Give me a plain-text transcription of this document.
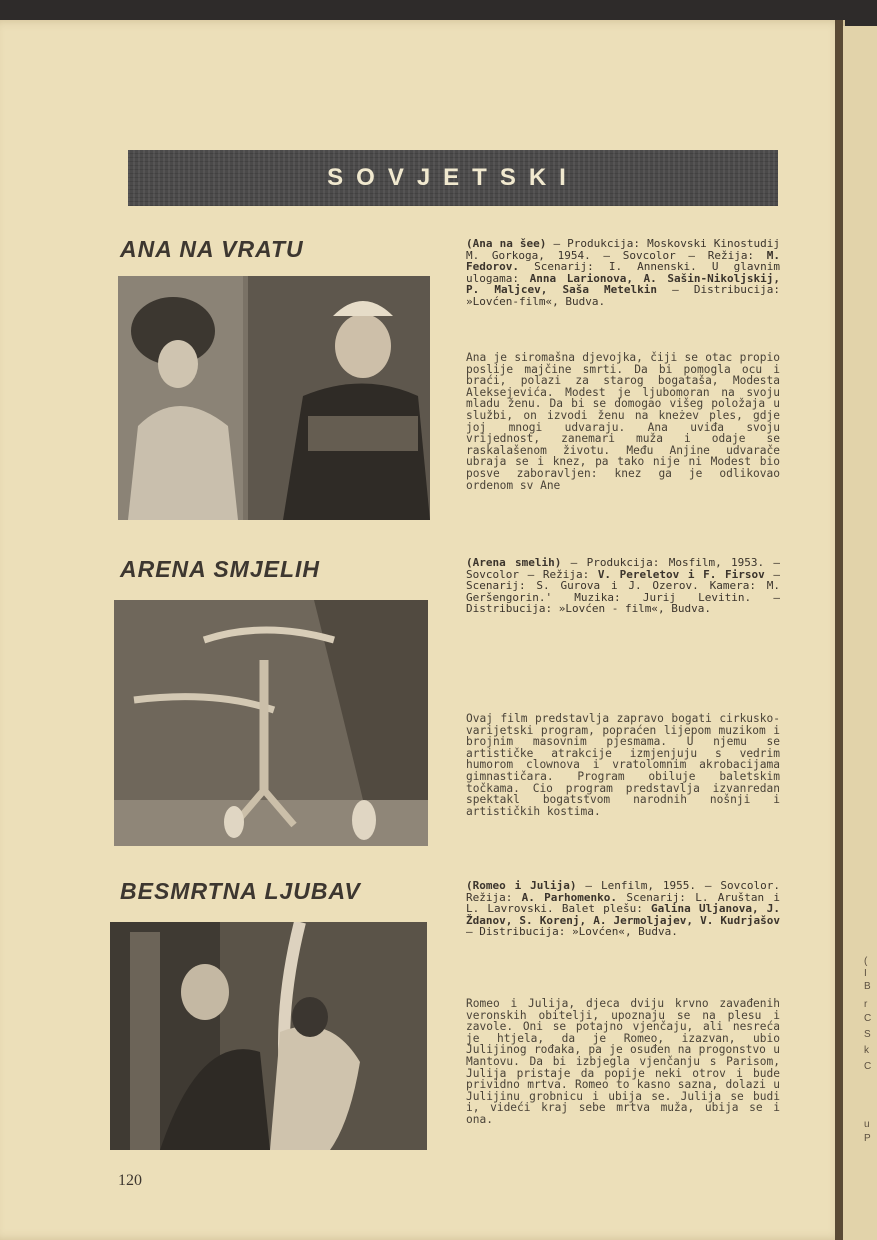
(
I
B
r
C
S
k
C
u
P
SOVJETSKI
ANA NA VRATU	(Ana na šee) — Produkcija: Moskovski Kinostudij M. Gorkoga, 1954. — Sovcolor — Režija: M. Fedorov. Scenarij: I. Annenski. U glavnim ulogama: Anna Larionova, A. Sašin-Nikoljskij, P. Maljcev, Saša Metelkin — Distribucija: »Lovćen-film«, Budva.
Ana je siromašna djevojka, čiji se otac propio poslije majčine smrti. Da bi pomogla ocu i braći, polazi za starog bogataša, Modesta Aleksejevića. Modest je ljubomoran na svoju mladu ženu. Da bi se domogao višeg položaja u službi, on izvodi ženu na kneżev ples, gdje joj mnogi udvaraju. Ana uviđa svoju vrijednost, zanemari muža i odaje se raskalašenom životu. Među Anjine udvarače ubraja se i knez, pa tako nije ni Modest bio posve zaboravljen: knez ga je odlikovao ordenom sv Ane
ARENA SMJELIH	(Arena smelih) — Produkcija: Mosfilm, 1953. — Sovcolor — Režija: V. Pereletov i F. Firsov — Scenarij: S. Gurova i J. Ozerov. Kamera: M. Geršengorin.' Muzika: Jurij Levitin. — Distribucija: »Lovćen - film«, Budva.
Ovaj film predstavlja zapravo bogati cirkusko-varijetski program, popraćen lijepom muzikom i brojnim masovnim pjesmama. U njemu se artističke atrakcije izmjenjuju s vedrim humorom clownova i vratolomnim akrobacijama gimnastičara. Program obiluje baletskim točkama. Cio program predstavlja izvanredan spektakl bogatstvom narodnih nošnji i artističkih kostima.
BESMRTNA LJUBAV	(Romeo i Julija) — Lenfilm, 1955. — Sovcolor. Režija: A. Parhomenko. Scenarij: L. Aruštan i L. Lavrovski. Balet plešu: Galina Uljanova, J. Ždanov, S. Korenj, A. Jermoljajev, V. Kudrjašov — Distribucija: »Lovćen«, Budva.
Romeo i Julija, djeca dviju krvno zavađenih veronskih obitelji, upoznaju se na plesu i zavole. Oni se potajno vjenčaju, ali nesreća je htjela, da je Romeo, izazvan, ubio Julijinog rođaka, pa je osuđen na progonstvo u Mantovu. Da bi izbjegla vjenčanju s Parisom, Julija pristaje da popije neki otrov i bude prividno mrtva. Romeo to kasno sazna, dolazi u Julijinu grobnicu i ubija se. Julija se budi i, videći kraj sebe mrtva muža, ubija se i ona.
120
